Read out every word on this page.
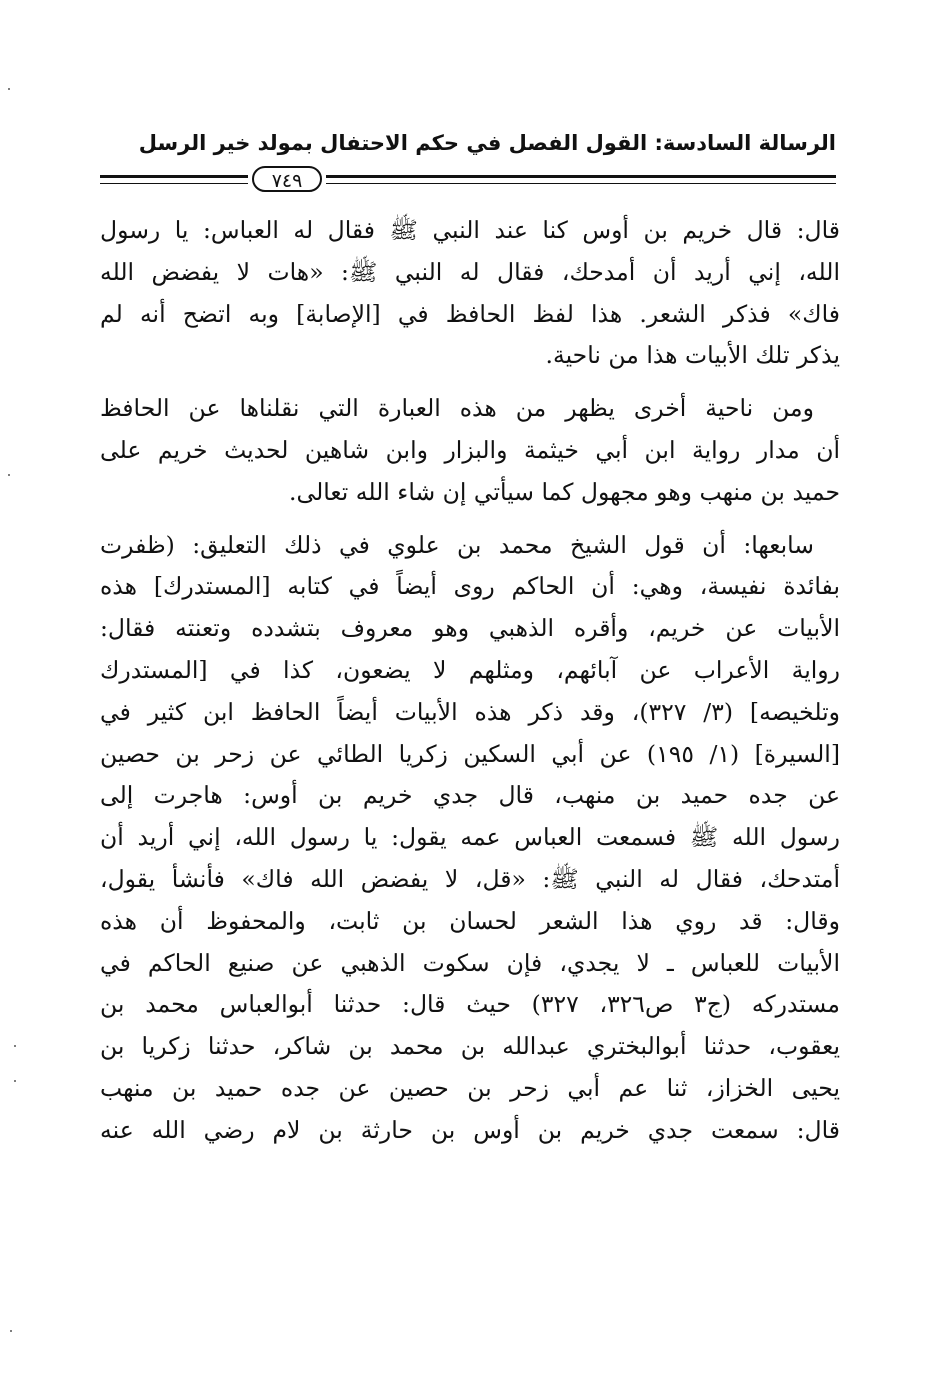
الرسالة السادسة: القول الفصل في حكم الاحتفال بمولد خير الرسل
٧٤٩

قال: قال خريم بن أوس كنا عند النبي ﷺ فقال له العباس: يا رسول
الله، إني أريد أن أمدحك، فقال له النبي ﷺ: «هات لا يفضض الله
فاك» فذكر الشعر. هذا لفظ الحافظ في [الإصابة] وبه اتضح أنه لم
يذكر تلك الأبيات هذا من ناحية.

ومن ناحية أخرى يظهر من هذه العبارة التي نقلناها عن الحافظ
أن مدار رواية ابن أبي خيثمة والبزار وابن شاهين لحديث خريم على
حميد بن منهب وهو مجهول كما سيأتي إن شاء الله تعالى.

سابعها: أن قول الشيخ محمد بن علوي في ذلك التعليق: (ظفرت
بفائدة نفيسة، وهي: أن الحاكم روى أيضاً في كتابه [المستدرك] هذه
الأبيات عن خريم، وأقره الذهبي وهو معروف بتشدده وتعنته فقال:
رواية الأعراب عن آبائهم، ومثلهم لا يضعون، كذا في [المستدرك
وتلخيصه] (٣/ ٣٢٧)، وقد ذكر هذه الأبيات أيضاً الحافظ ابن كثير في
[السيرة] (١/ ١٩٥) عن أبي السكين زكريا الطائي عن زحر بن حصين
عن جده حميد بن منهب، قال جدي خريم بن أوس: هاجرت إلى
رسول الله ﷺ فسمعت العباس عمه يقول: يا رسول الله، إني أريد أن
أمتدحك، فقال له النبي ﷺ: «قل، لا يفضض الله فاك» فأنشأ يقول،
وقال: قد روي هذا الشعر لحسان بن ثابت، والمحفوظ أن هذه
الأبيات للعباس ـ لا يجدي، فإن سكوت الذهبي عن صنيع الحاكم في
مستدركه (ج٣ ص٣٢٦، ٣٢٧) حيث قال: حدثنا أبوالعباس محمد بن
يعقوب، حدثنا أبوالبختري عبدالله بن محمد بن شاكر، حدثنا زكريا بن
يحيى الخزاز، ثنا عم أبي زحر بن حصين عن جده حميد بن منهب
قال: سمعت جدي خريم بن أوس بن حارثة بن لام رضي الله عنه
